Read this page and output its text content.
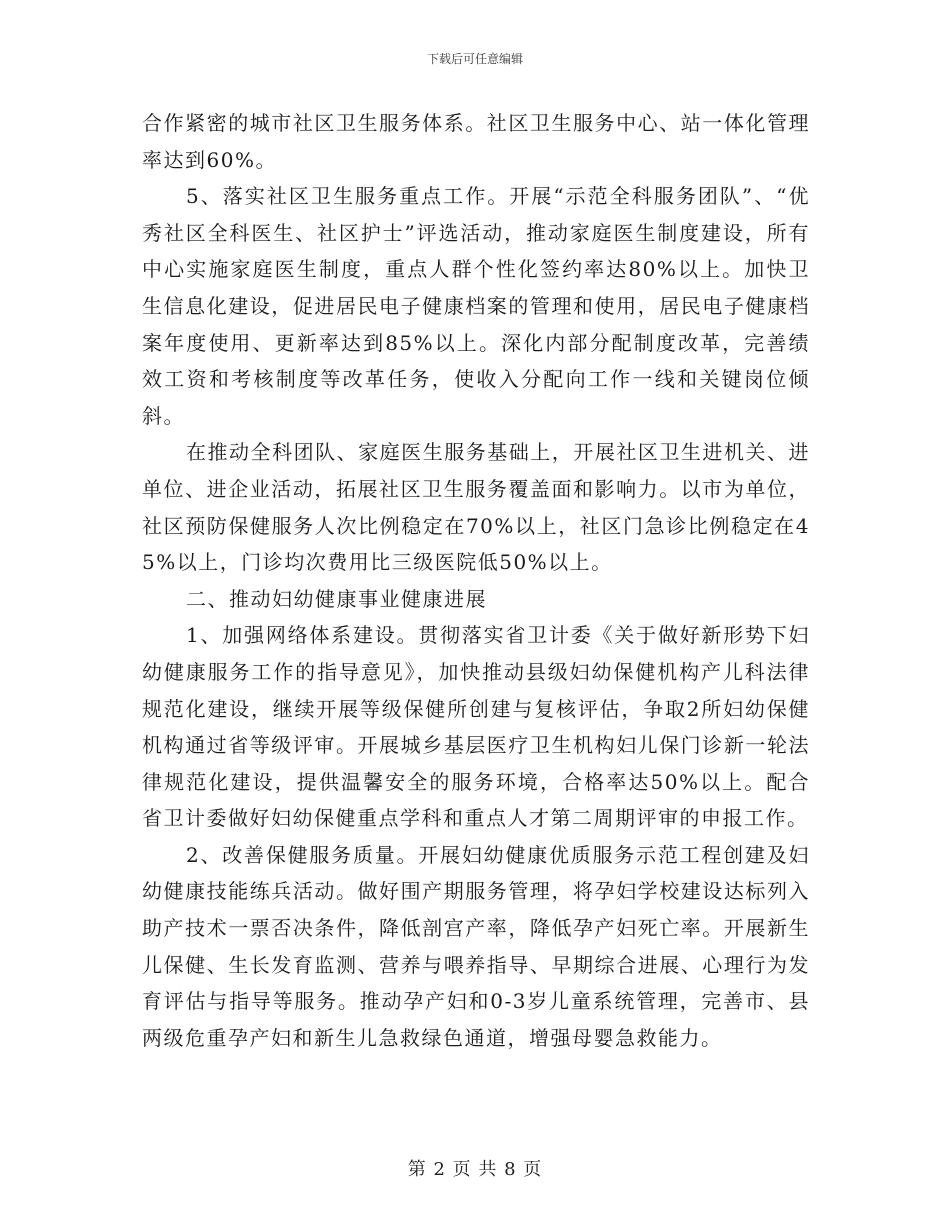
下载后可任意编辑

合作紧密的城市社区卫生服务体系。社区卫生服务中心、站一体化管理率达到60%。

5、落实社区卫生服务重点工作。开展“示范全科服务团队”、“优秀社区全科医生、社区护士”评选活动，推动家庭医生制度建设，所有中心实施家庭医生制度，重点人群个性化签约率达80%以上。加快卫生信息化建设，促进居民电子健康档案的管理和使用，居民电子健康档案年度使用、更新率达到85%以上。深化内部分配制度改革，完善绩效工资和考核制度等改革任务，使收入分配向工作一线和关键岗位倾斜。

在推动全科团队、家庭医生服务基础上，开展社区卫生进机关、进单位、进企业活动，拓展社区卫生服务覆盖面和影响力。以市为单位，社区预防保健服务人次比例稳定在70%以上，社区门急诊比例稳定在45%以上，门诊均次费用比三级医院低50%以上。

二、推动妇幼健康事业健康进展

1、加强网络体系建设。贯彻落实省卫计委《关于做好新形势下妇幼健康服务工作的指导意见》，加快推动县级妇幼保健机构产儿科法律规范化建设，继续开展等级保健所创建与复核评估，争取2所妇幼保健机构通过省等级评审。开展城乡基层医疗卫生机构妇儿保门诊新一轮法律规范化建设，提供温馨安全的服务环境，合格率达50%以上。配合省卫计委做好妇幼保健重点学科和重点人才第二周期评审的申报工作。

2、改善保健服务质量。开展妇幼健康优质服务示范工程创建及妇幼健康技能练兵活动。做好围产期服务管理，将孕妇学校建设达标列入助产技术一票否决条件，降低剖宫产率，降低孕产妇死亡率。开展新生儿保健、生长发育监测、营养与喂养指导、早期综合进展、心理行为发育评估与指导等服务。推动孕产妇和0-3岁儿童系统管理，完善市、县两级危重孕产妇和新生儿急救绿色通道，增强母婴急救能力。

第 2 页 共 8 页
